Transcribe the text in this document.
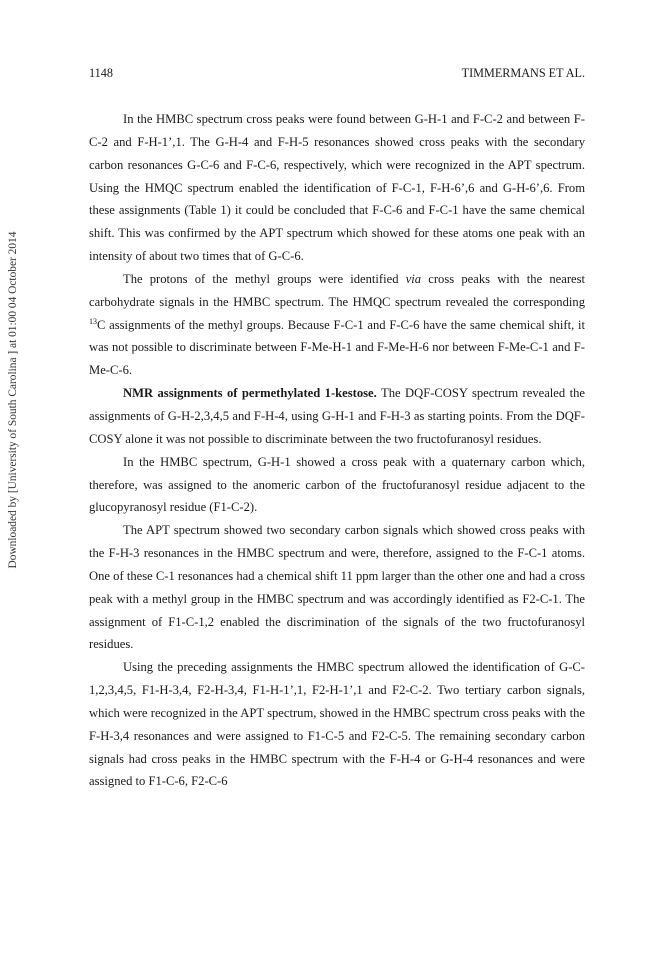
Downloaded by [University of South Carolina ] at 01:00 04 October 2014
1148	TIMMERMANS ET AL.

In the HMBC spectrum cross peaks were found between G-H-1 and F-C-2 and between F-C-2 and F-H-1’,1. The G-H-4 and F-H-5 resonances showed cross peaks with the secondary carbon resonances G-C-6 and F-C-6, respectively, which were recognized in the APT spectrum. Using the HMQC spectrum enabled the identification of F-C-1, F-H-6’,6 and G-H-6’,6. From these assignments (Table 1) it could be concluded that F-C-6 and F-C-1 have the same chemical shift. This was confirmed by the APT spectrum which showed for these atoms one peak with an intensity of about two times that of G-C-6.

The protons of the methyl groups were identified via cross peaks with the nearest carbohydrate signals in the HMBC spectrum. The HMQC spectrum revealed the corresponding $^{13}$C assignments of the methyl groups. Because F-C-1 and F-C-6 have the same chemical shift, it was not possible to discriminate between F-Me-H-1 and F-Me-H-6 nor between F-Me-C-1 and F-Me-C-6.

NMR assignments of permethylated 1-kestose. The DQF-COSY spectrum revealed the assignments of G-H-2,3,4,5 and F-H-4, using G-H-1 and F-H-3 as starting points. From the DQF-COSY alone it was not possible to discriminate between the two fructofuranosyl residues.

In the HMBC spectrum, G-H-1 showed a cross peak with a quaternary carbon which, therefore, was assigned to the anomeric carbon of the fructofuranosyl residue adjacent to the glucopyranosyl residue (F1-C-2).

The APT spectrum showed two secondary carbon signals which showed cross peaks with the F-H-3 resonances in the HMBC spectrum and were, therefore, assigned to the F-C-1 atoms. One of these C-1 resonances had a chemical shift 11 ppm larger than the other one and had a cross peak with a methyl group in the HMBC spectrum and was accordingly identified as F2-C-1. The assignment of F1-C-1,2 enabled the discrimination of the signals of the two fructofuranosyl residues.

Using the preceding assignments the HMBC spectrum allowed the identification of G-C-1,2,3,4,5, F1-H-3,4, F2-H-3,4, F1-H-1’,1, F2-H-1’,1 and F2-C-2. Two tertiary carbon signals, which were recognized in the APT spectrum, showed in the HMBC spectrum cross peaks with the F-H-3,4 resonances and were assigned to F1-C-5 and F2-C-5. The remaining secondary carbon signals had cross peaks in the HMBC spectrum with the F-H-4 or G-H-4 resonances and were assigned to F1-C-6, F2-C-6
